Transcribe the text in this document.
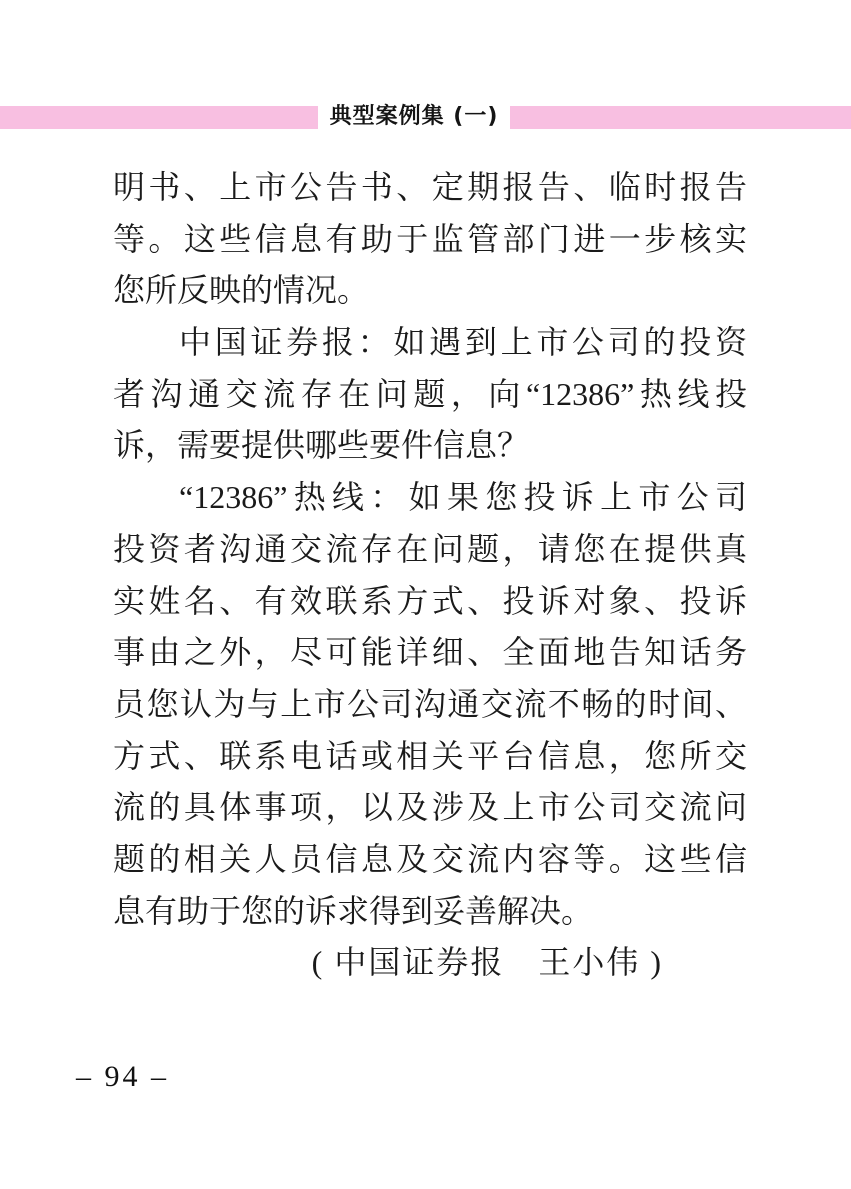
典型案例集 (一)
明书、上市公告书、定期报告、临时报告
等。这些信息有助于监管部门进一步核实
您所反映的情况。
中国证券报：如遇到上市公司的投资
者沟通交流存在问题，向“12386”热线投
诉，需要提供哪些要件信息？
“12386”热线：如果您投诉上市公司
投资者沟通交流存在问题，请您在提供真
实姓名、有效联系方式、投诉对象、投诉
事由之外，尽可能详细、全面地告知话务
员您认为与上市公司沟通交流不畅的时间、
方式、联系电话或相关平台信息，您所交
流的具体事项，以及涉及上市公司交流问
题的相关人员信息及交流内容等。这些信
息有助于您的诉求得到妥善解决。
( 中国证券报　王小伟 )
– 94 –
